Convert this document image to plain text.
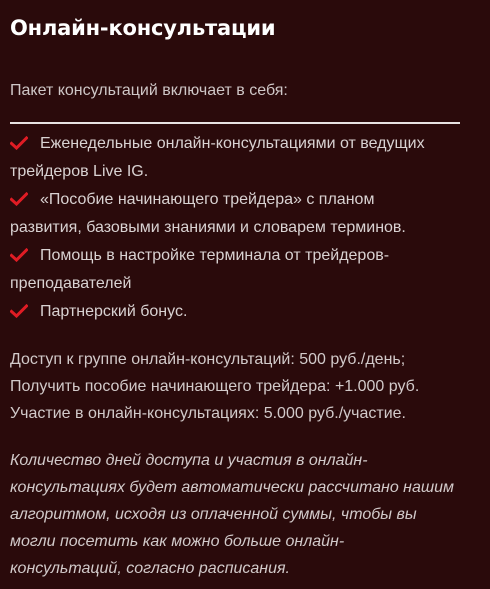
Онлайн-консультации
Пакет консультаций включает в себя:
Еженедельные онлайн-консультациями от ведущих
трейдеров Live IG.
«Пособие начинающего трейдера» с планом
развития, базовыми знаниями и словарем терминов.
Помощь в настройке терминала от трейдеров-
преподавателей
Партнерский бонус.
Доступ к группе онлайн-консультаций: 500 руб./день;
Получить пособие начинающего трейдера: +1.000 руб.
Участие в онлайн-консультациях: 5.000 руб./участие.
Количество дней доступа и участия в онлайн-
консультациях будет автоматически рассчитано нашим
алгоритмом, исходя из оплаченной суммы, чтобы вы
могли посетить как можно больше онлайн-
консультаций, согласно расписания.
